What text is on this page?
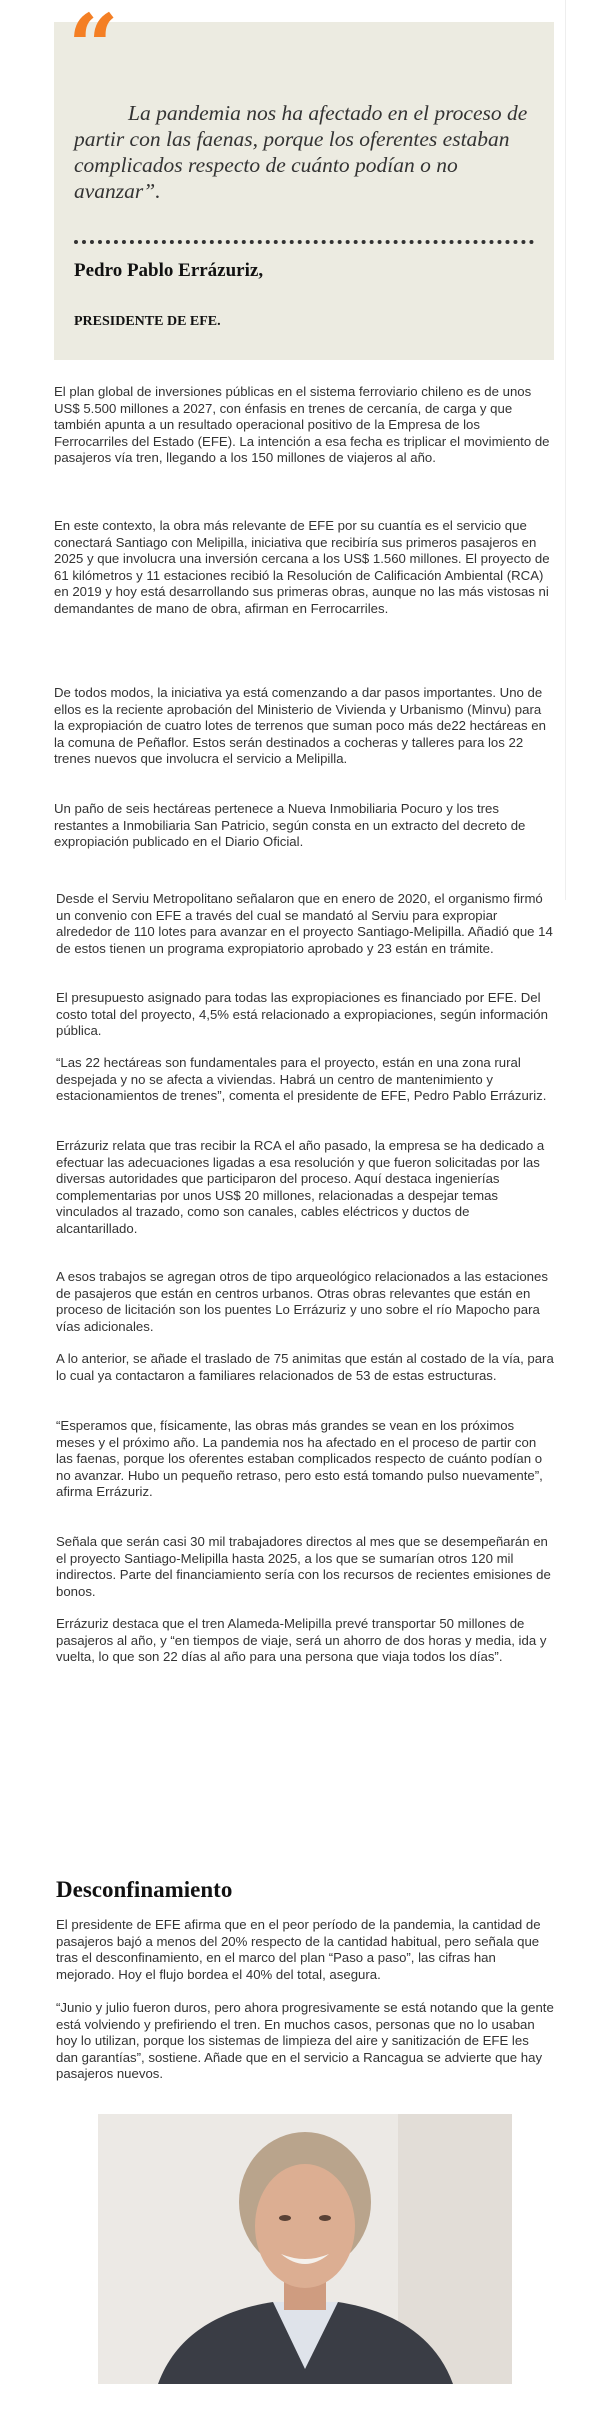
“

La pandemia nos ha afectado en el proceso de partir con las faenas, porque los oferentes estaban complicados respecto de cuánto podían o no avanzar”.

Pedro Pablo Errázuriz,

PRESIDENTE DE EFE.

El plan global de inversiones públicas en el sistema ferroviario chileno es de unos US$ 5.500 millones a 2027, con énfasis en trenes de cercanía, de carga y que también apunta a un resultado operacional positivo de la Empresa de los Ferrocarriles del Estado (EFE). La intención a esa fecha es triplicar el movimiento de pasajeros vía tren, llegando a los 150 millones de viajeros al año.

En este contexto, la obra más relevante de EFE por su cuantía es el servicio que conectará Santiago con Melipilla, iniciativa que recibiría sus primeros pasajeros en 2025 y que involucra una inversión cercana a los US$ 1.560 millones. El proyecto de 61 kilómetros y 11 estaciones recibió la Resolución de Calificación Ambiental (RCA) en 2019 y hoy está desarrollando sus primeras obras, aunque no las más vistosas ni demandantes de mano de obra, afirman en Ferrocarriles.

De todos modos, la iniciativa ya está comenzando a dar pasos importantes. Uno de ellos es la reciente aprobación del Ministerio de Vivienda y Urbanismo (Minvu) para la expropiación de cuatro lotes de terrenos que suman poco más de22 hectáreas en la comuna de Peñaflor. Estos serán destinados a cocheras y talleres para los 22 trenes nuevos que involucra el servicio a Melipilla.

Un paño de seis hectáreas pertenece a Nueva Inmobiliaria Pocuro y los tres restantes a Inmobiliaria San Patricio, según consta en un extracto del decreto de expropiación publicado en el Diario Oficial.

Desde el Serviu Metropolitano señalaron que en enero de 2020, el organismo firmó un convenio con EFE a través del cual se mandató al Serviu para expropiar alrededor de 110 lotes para avanzar en el proyecto Santiago-Melipilla. Añadió que 14 de estos tienen un programa expropiatorio aprobado y 23 están en trámite.

El presupuesto asignado para todas las expropiaciones es financiado por EFE. Del costo total del proyecto, 4,5% está relacionado a expropiaciones, según información pública.

“Las 22 hectáreas son fundamentales para el proyecto, están en una zona rural despejada y no se afecta a viviendas. Habrá un centro de mantenimiento y estacionamientos de trenes”, comenta el presidente de EFE, Pedro Pablo Errázuriz.

Errázuriz relata que tras recibir la RCA el año pasado, la empresa se ha dedicado a efectuar las adecuaciones ligadas a esa resolución y que fueron solicitadas por las diversas autoridades que participaron del proceso. Aquí destaca ingenierías complementarias por unos US$ 20 millones, relacionadas a despejar temas vinculados al trazado, como son canales, cables eléctricos y ductos de alcantarillado.

A esos trabajos se agregan otros de tipo arqueológico relacionados a las estaciones de pasajeros que están en centros urbanos. Otras obras relevantes que están en proceso de licitación son los puentes Lo Errázuriz y uno sobre el río Mapocho para vías adicionales.

A lo anterior, se añade el traslado de 75 animitas que están al costado de la vía, para lo cual ya contactaron a familiares relacionados de 53 de estas estructuras.

“Esperamos que, físicamente, las obras más grandes se vean en los próximos meses y el próximo año. La pandemia nos ha afectado en el proceso de partir con las faenas, porque los oferentes estaban complicados respecto de cuánto podían o no avanzar. Hubo un pequeño retraso, pero esto está tomando pulso nuevamente”, afirma Errázuriz.

Señala que serán casi 30 mil trabajadores directos al mes que se desempeñarán en el proyecto Santiago-Melipilla hasta 2025, a los que se sumarían otros 120 mil indirectos. Parte del financiamiento sería con los recursos de recientes emisiones de bonos.

Errázuriz destaca que el tren Alameda-Melipilla prevé transportar 50 millones de pasajeros al año, y “en tiempos de viaje, será un ahorro de dos horas y media, ida y vuelta, lo que son 22 días al año para una persona que viaja todos los días”.

Desconfinamiento

El presidente de EFE afirma que en el peor período de la pandemia, la cantidad de pasajeros bajó a menos del 20% respecto de la cantidad habitual, pero señala que tras el desconfinamiento, en el marco del plan “Paso a paso”, las cifras han mejorado. Hoy el flujo bordea el 40% del total, asegura.

“Junio y julio fueron duros, pero ahora progresivamente se está notando que la gente está volviendo y prefiriendo el tren. En muchos casos, personas que no lo usaban hoy lo utilizan, porque los sistemas de limpieza del aire y sanitización de EFE les dan garantías”, sostiene. Añade que en el servicio a Rancagua se advierte que hay pasajeros nuevos.
